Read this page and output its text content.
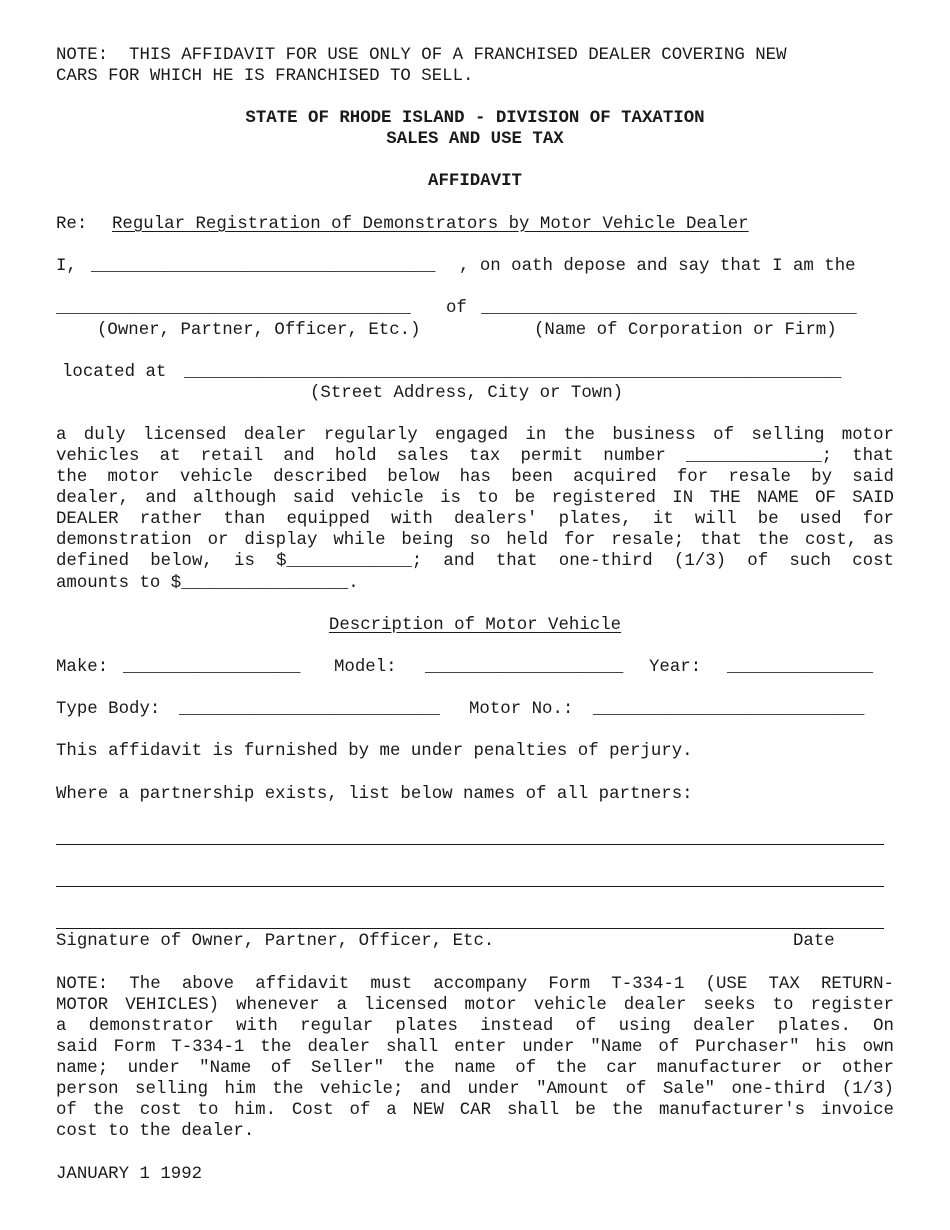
NOTE:  THIS AFFIDAVIT FOR USE ONLY OF A FRANCHISED DEALER COVERING NEW
CARS FOR WHICH HE IS FRANCHISED TO SELL.
STATE OF RHODE ISLAND - DIVISION OF TAXATION
SALES AND USE TAX
AFFIDAVIT
Re: Regular Registration of Demonstrators by Motor Vehicle Dealer
I, _________________________________ , on oath depose and say that I am the
__________________________________ of ____________________________________
(Owner, Partner, Officer, Etc.)	(Name of Corporation or Firm)
located at _______________________________________________________________
(Street Address, City or Town)
a duly licensed dealer regularly engaged in the business of selling motor
vehicles at retail and hold sales tax permit number _____________; that
the motor vehicle described below has been acquired for resale by said
dealer, and although said vehicle is to be registered IN THE NAME OF SAID
DEALER rather than equipped with dealers' plates, it will be used for
demonstration or display while being so held for resale; that the cost, as
defined below, is $____________; and that one-third (1/3) of such cost
amounts to $________________.
Description of Motor Vehicle
Make: _________________ Model: ___________________ Year: ______________
Type Body: _________________________ Motor No.: __________________________
This affidavit is furnished by me under penalties of perjury.
Where a partnership exists, list below names of all partners:
Signature of Owner, Partner, Officer, Etc.	Date
NOTE: The above affidavit must accompany Form T-334-1 (USE TAX RETURN-
MOTOR VEHICLES) whenever a licensed motor vehicle dealer seeks to register
a demonstrator with regular plates instead of using dealer plates. On
said Form T-334-1 the dealer shall enter under "Name of Purchaser" his own
name; under "Name of Seller" the name of the car manufacturer or other
person selling him the vehicle; and under "Amount of Sale" one-third (1/3)
of the cost to him. Cost of a NEW CAR shall be the manufacturer's invoice
cost to the dealer.
JANUARY 1 1992
